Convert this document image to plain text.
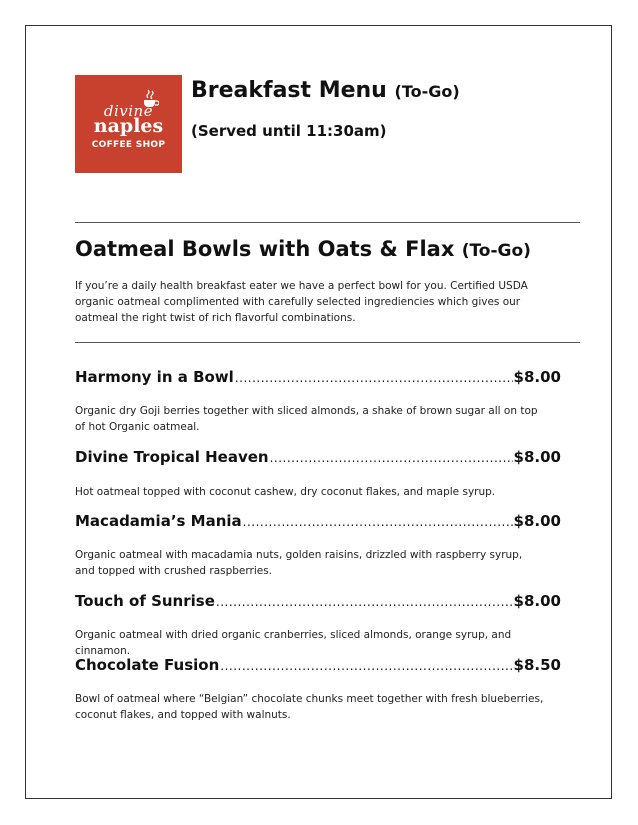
divine
naples
COFFEE SHOP
Breakfast Menu (To-Go)
(Served until 11:30am)
Oatmeal Bowls with Oats & Flax (To-Go)
If you’re a daily health breakfast eater we have a perfect bowl for you. Certified USDA organic oatmeal complimented with carefully selected ingrediencies which gives our oatmeal the right twist of rich flavorful combinations.
Harmony in a Bowl .....	$8.00
Organic dry Goji berries together with sliced almonds, a shake of brown sugar all on top of hot Organic oatmeal.
Divine Tropical Heaven .....	$8.00
Hot oatmeal topped with coconut cashew, dry coconut flakes, and maple syrup.
Macadamia’s Mania .....	$8.00
Organic oatmeal with macadamia nuts, golden raisins, drizzled with raspberry syrup, and topped with crushed raspberries.
Touch of Sunrise .....	$8.00
Organic oatmeal with dried organic cranberries, sliced almonds, orange syrup, and cinnamon.
Chocolate Fusion .....	$8.50
Bowl of oatmeal where “Belgian” chocolate chunks meet together with fresh blueberries, coconut flakes, and topped with walnuts.
